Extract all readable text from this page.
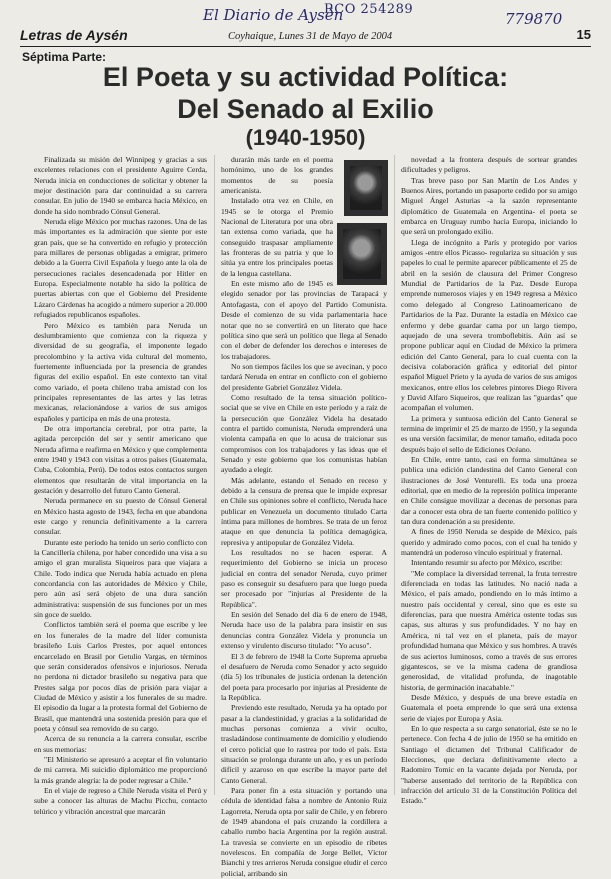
El Diario de Aysén
RCO 254289
779870
Letras de Aysén	Coyhaique, Lunes 31 de Mayo de 2004	15
Séptima Parte:
El Poeta y su actividad Política:
Del Senado al Exilio
(1940-1950)

Finalizada su misión del Winnipeg y gracias a sus excelentes relaciones con el presidente Aguirre Cerda, Neruda inicia en conducciones de solicitar y obtener la mejor destinación para dar continuidad a su carrera consular. En julio de 1940 se embarca hacia México, en donde ha sido nombrado Cónsul General.

Neruda elige México por muchas razones. Una de las más importantes es la admiración que siente por este gran país, que se ha convertido en refugio y protección para millares de personas obligadas a emigrar, primero debido a la Guerra Civil Española y luego ante la ola de persecuciones raciales desencadenada por Hitler en Europa. Especialmente notable ha sido la política de puertas abiertas con que el Gobierno del Presidente Lázaro Cárdenas ha acogido a número superior a 20.000 refugiados republicanos españoles.

Pero México es también para Neruda un deslumbramiento que comienza con la riqueza y diversidad de su geografía, el imponente legado precolombino y la activa vida cultural del momento, fuertemente influenciada por la presencia de grandes figuras del exilio español. En este contexto tan vital como variado, el poeta chileno traba amistad con los principales representantes de las artes y las letras mexicanas, relacionándose a varios de sus amigos españoles y participa en más de una protesta.

De otra importancia cerebral, por otra parte, la agitada percepción del ser y sentir americano que Neruda afirma e reafirma en México y que complementa entre 1940 y 1943 con visitas a otros países (Guatemala, Cuba, Colombia, Perú). De todos estos contactos surgen elementos que resultarán de vital importancia en la gestación y desarrollo del futuro Canto General.

Neruda permanece en su puesto de Cónsul General en México hasta agosto de 1943, fecha en que abandona este cargo y renuncia definitivamente a la carrera consular.

Durante este período ha tenido un serio conflicto con la Cancillería chilena, por haber concedido una visa a su amigo el gran muralista Siqueiros para que viajara a Chile. Todo indica que Neruda había actuado en plena concordancia con las autoridades de México y Chile, pero aún así será objeto de una dura sanción administrativa: suspensión de sus funciones por un mes sin goce de sueldo.

Conflictos también será el poema que escribe y lee en los funerales de la madre del líder comunista brasileño Luis Carlos Prestes, por aquel entonces encarcelado en Brasil por Getulio Vargas, en términos que serán considerados ofensivos e injuriosos. Neruda no perdona ni dictador brasileño su negativa para que Prestes salga por pocos días de prisión para viajar a Ciudad de México y asistir a los funerales de su madre. El episodio da lugar a la protesta formal del Gobierno de Brasil, que mantendrá una sostenida presión para que el poeta y cónsul sea removido de su cargo.

Acerca de su renuncia a la carrera consular, escribe en sus memorias:

"El Ministerio se apresuró a aceptar el fin voluntario de mi carrera. Mi suicidio diplomático me proporcionó la más grande alegría: la de poder regresar a Chile."

En el viaje de regreso a Chile Neruda visita el Perú y sube a conocer las alturas de Machu Picchu, contacto telúrico y vibración ancestral que marcarán

durarán más tarde en el poema homónimo, uno de los grandes momentos de su poesía americanista.

Instalado otra vez en Chile, en 1945 se le otorga el Premio Nacional de Literatura por una obra tan extensa como variada, que ha conseguido traspasar ampliamente las fronteras de su patria y que lo sitúa ya entre los principales poetas de la lengua castellana.

En este mismo año de 1945 es elegido senador por las provincias de Tarapacá y Antofagasta, con el apoyo del Partido Comunista. Desde el comienzo de su vida parlamentaria hace notar que no se convertirá en un literato que hace política sino que será un político que llega al Senado con el deber de defender los derechos e intereses de los trabajadores.

No son tiempos fáciles los que se avecinan, y poco tardará Neruda en entrar en conflicto con el gobierno del presidente Gabriel González Videla.

Como resultado de la tensa situación político-social que se vive en Chile en este período y a raíz de la persecución que González Videla ha desatado contra el partido comunista, Neruda emprenderá una violenta campaña en que lo acusa de traicionar sus compromisos con los trabajadores y las ideas que el Senado y este gobierno que los comunistas habían ayudado a elegir.

Más adelante, estando el Senado en receso y debido a la censura de prensa que le impide expresar en Chile sus opiniones sobre el conflicto, Neruda hace publicar en Venezuela un documento titulado Carta íntima para millones de hombres. Se trata de un feroz ataque en que denuncia la política demagógica, represiva y antipopular de González Videla.

Los resultados no se hacen esperar. A requerimiento del Gobierno se inicia un proceso judicial en contra del senador Neruda, cuyo primer paso es conseguir su desafuero para que luego pueda ser procesado por "injurias al Presidente de la República".

En sesión del Senado del día 6 de enero de 1948, Neruda hace uso de la palabra para insistir en sus denuncias contra González Videla y pronuncia un extenso y virulento discurso titulado: "Yo acuso".

El 3 de febrero de 1948 la Corte Suprema aprueba el desafuero de Neruda como Senador y acto seguido (día 5) los tribunales de justicia ordenan la detención del poeta para procesarlo por injurias al Presidente de la República.

Previendo este resultado, Neruda ya ha optado por pasar a la clandestinidad, y gracias a la solidaridad de muchas personas comienza a vivir oculto, trasladándose continuamente de domicilio y eludiendo el cerco policial que lo rastrea por todo el país. Esta situación se prolonga durante un año, y es un período difícil y azaroso en que escribe la mayor parte del Canto General.

Para poner fin a esta situación y portando una cédula de identidad falsa a nombre de Antonio Ruiz Lagorreta, Neruda opta por salir de Chile, y en febrero de 1949 abandona el país cruzando la cordillera a caballo rumbo hacia Argentina por la región austral. La travesía se convierte en un episodio de ribetes novelescos. En compañía de Jorge Bellet, Víctor Bianchi y tres arrieros Neruda consigue eludir el cerco policial, arribando sin

novedad a la frontera después de sortear grandes dificultades y peligros.

Tras breve paso por San Martín de Los Andes y Buenos Aires, portando un pasaporte cedido por su amigo Miguel Ángel Asturias -a la sazón representante diplomático de Guatemala en Argentina- el poeta se embarca en Uruguay rumbo hacia Europa, iniciando lo que será un prolongado exilio.

Llega de incógnito a París y protegido por varios amigos -entre ellos Picasso- regulariza su situación y sus papeles lo cual le permite aparecer públicamente el 25 de abril en la sesión de clausura del Primer Congreso Mundial de Partidarios de la Paz. Desde Europa emprende numerosos viajes y en 1949 regresa a México como delegado al Congreso Latinoamericano de Partidarios de la Paz. Durante la estadía en México cae enfermo y debe guardar cama por un largo tiempo, aquejado de una severa tromboflebitis. Aún así se propone publicar aquí en Ciudad de México la primera edición del Canto General, para lo cual cuenta con la decisiva colaboración gráfica y editorial del pintor español Miguel Prieto y la ayuda de varios de sus amigos mexicanos, entre ellos los celebres pintores Diego Rivera y David Alfaro Siqueiros, que realizan las "guardas" que acompañan el volumen.

La primera y suntuosa edición del Canto General se termina de imprimir el 25 de marzo de 1950, y la segunda es una versión facsimilar, de menor tamaño, editada poco después bajo el sello de Ediciones Océano.

En Chile, entre tanto, casi en forma simultánea se publica una edición clandestina del Canto General con ilustraciones de José Venturelli. Es toda una proeza editorial, que en medio de la represión política imperante en Chile consigue movilizar a decenas de personas para dar a conocer esta obra de tan fuerte contenido político y tan dura condenación a su presidente.

A fines de 1950 Neruda se despide de México, país querido y admirado como pocos, con el cual ha tenido y mantendrá un poderoso vínculo espiritual y fraternal.

Intentando resumir su afecto por México, escribe:

"Me complace la diversidad terrenal, la fruta terrestre diferenciada en todas las latitudes. No nació nada a México, el país amado, pondiendo en lo más íntimo a nuestro país occidental y cereal, sino que es este su diferencias, para que nuestra América ostente todas sus capas, sus alturas y sus profundidades. Y no hay en América, ni tal vez en el planeta, país de mayor profundidad humana que México y sus hombres. A través de sus aciertos luminosos, como a través de sus errores gigantescos, se ve la misma cadena de grandiosa generosidad, de vitalidad profunda, de inagotable historia, de germinación inacabable."

Desde México, y después de una breve estadía en Guatemala el poeta emprende lo que será una extensa serie de viajes por Europa y Asia.

En lo que respecta a su cargo senatorial, éste se no le pertenece. Con fecha 4 de julio de 1950 se ha emitido en Santiago el dictamen del Tribunal Calificador de Elecciones, que declara definitivamente electo a Radomiro Tomic en la vacante dejada por Neruda, por "haberse ausentado del territorio de la República con infracción del artículo 31 de la Constitución Política del Estado."
